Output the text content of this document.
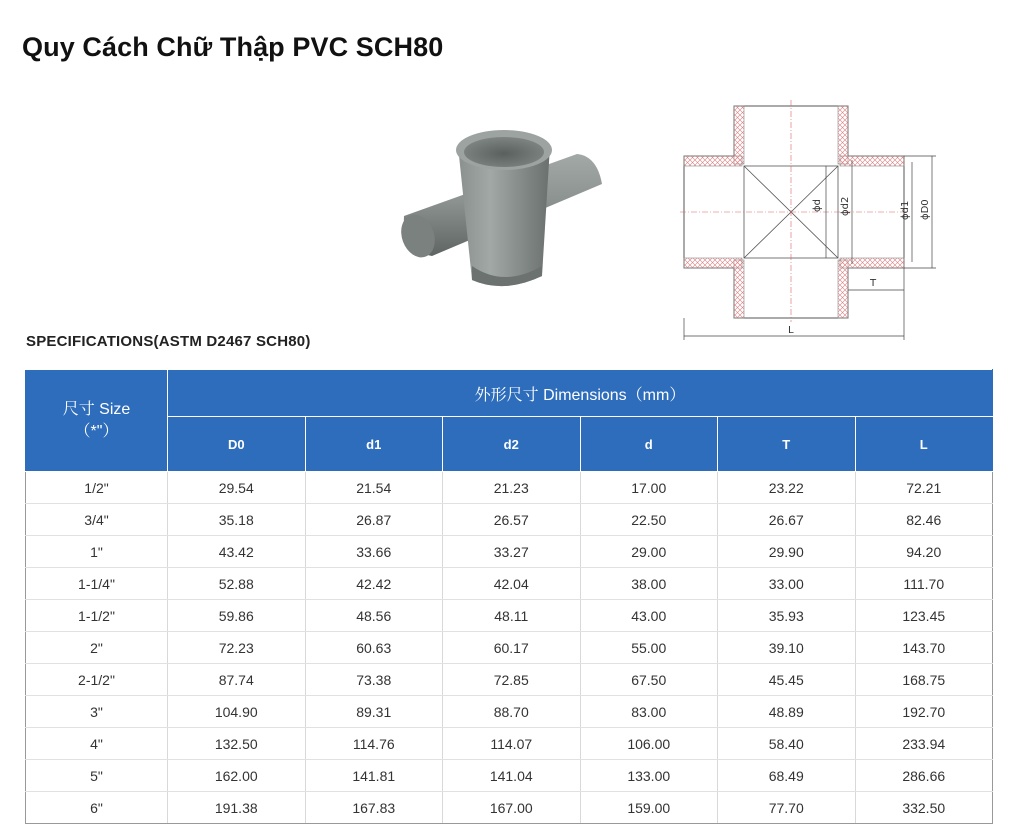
Quy Cách Chữ Thập PVC SCH80
ϕd ϕd2	ϕd1 ϕD0
T
L
SPECIFICATIONS(ASTM D2467 SCH80)
尺寸 Size
（*"）	外形尺寸 Dimensions（mm）					
	D0	d1	d2	d	T	L
1/2"	29.54	21.54	21.23	17.00	23.22	72.21
3/4"	35.18	26.87	26.57	22.50	26.67	82.46
1"	43.42	33.66	33.27	29.00	29.90	94.20
1-1/4"	52.88	42.42	42.04	38.00	33.00	111.70
1-1/2"	59.86	48.56	48.11	43.00	35.93	123.45
2"	72.23	60.63	60.17	55.00	39.10	143.70
2-1/2"	87.74	73.38	72.85	67.50	45.45	168.75
3"	104.90	89.31	88.70	83.00	48.89	192.70
4"	132.50	114.76	114.07	106.00	58.40	233.94
5"	162.00	141.81	141.04	133.00	68.49	286.66
6"	191.38	167.83	167.00	159.00	77.70	332.50
